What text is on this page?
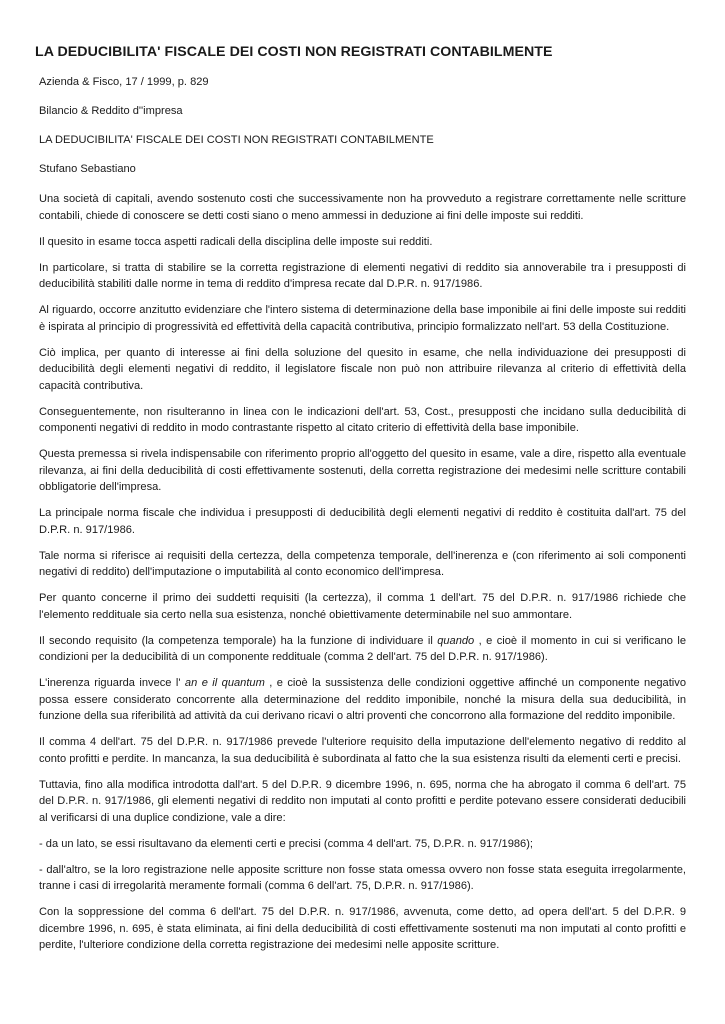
LA DEDUCIBILITA' FISCALE DEI COSTI NON REGISTRATI CONTABILMENTE

Azienda & Fisco, 17 / 1999, p. 829

Bilancio & Reddito d''impresa

LA DEDUCIBILITA' FISCALE DEI COSTI NON REGISTRATI CONTABILMENTE

Stufano Sebastiano

Una società di capitali, avendo sostenuto costi che successivamente non ha provveduto a registrare correttamente nelle scritture contabili, chiede di conoscere se detti costi siano o meno ammessi in deduzione ai fini delle imposte sui redditi.

Il quesito in esame tocca aspetti radicali della disciplina delle imposte sui redditi.

In particolare, si tratta di stabilire se la corretta registrazione di elementi negativi di reddito sia annoverabile tra i presupposti di deducibilità stabiliti dalle norme in tema di reddito d'impresa recate dal D.P.R. n. 917/1986.

Al riguardo, occorre anzitutto evidenziare che l'intero sistema di determinazione della base imponibile ai fini delle imposte sui redditi è ispirata al principio di progressività ed effettività della capacità contributiva, principio formalizzato nell'art. 53 della Costituzione.

Ciò implica, per quanto di interesse ai fini della soluzione del quesito in esame, che nella individuazione dei presupposti di deducibilità degli elementi negativi di reddito, il legislatore fiscale non può non attribuire rilevanza al criterio di effettività della capacità contributiva.

Conseguentemente, non risulteranno in linea con le indicazioni dell'art. 53, Cost., presupposti che incidano sulla deducibilità di componenti negativi di reddito in modo contrastante rispetto al citato criterio di effettività della base imponibile.

Questa premessa si rivela indispensabile con riferimento proprio all'oggetto del quesito in esame, vale a dire, rispetto alla eventuale rilevanza, ai fini della deducibilità di costi effettivamente sostenuti, della corretta registrazione dei medesimi nelle scritture contabili obbligatorie dell'impresa.

La principale norma fiscale che individua i presupposti di deducibilità degli elementi negativi di reddito è costituita dall'art. 75 del D.P.R. n. 917/1986.

Tale norma si riferisce ai requisiti della certezza, della competenza temporale, dell'inerenza e (con riferimento ai soli componenti negativi di reddito) dell'imputazione o imputabilità al conto economico dell'impresa.

Per quanto concerne il primo dei suddetti requisiti (la certezza), il comma 1 dell'art. 75 del D.P.R. n. 917/1986 richiede che l'elemento reddituale sia certo nella sua esistenza, nonché obiettivamente determinabile nel suo ammontare.

Il secondo requisito (la competenza temporale) ha la funzione di individuare il quando , e cioè il momento in cui si verificano le condizioni per la deducibilità di un componente reddituale (comma 2 dell'art. 75 del D.P.R. n. 917/1986).

L'inerenza riguarda invece l' an e il quantum , e cioè la sussistenza delle condizioni oggettive affinché un componente negativo possa essere considerato concorrente alla determinazione del reddito imponibile, nonché la misura della sua deducibilità, in funzione della sua riferibilità ad attività da cui derivano ricavi o altri proventi che concorrono alla formazione del reddito imponibile.

Il comma 4 dell'art. 75 del D.P.R. n. 917/1986 prevede l'ulteriore requisito della imputazione dell'elemento negativo di reddito al conto profitti e perdite. In mancanza, la sua deducibilità è subordinata al fatto che la sua esistenza risulti da elementi certi e precisi.

Tuttavia, fino alla modifica introdotta dall'art. 5 del D.P.R. 9 dicembre 1996, n. 695, norma che ha abrogato il comma 6 dell'art. 75 del D.P.R. n. 917/1986, gli elementi negativi di reddito non imputati al conto profitti e perdite potevano essere considerati deducibili al verificarsi di una duplice condizione, vale a dire:

- da un lato, se essi risultavano da elementi certi e precisi (comma 4 dell'art. 75, D.P.R. n. 917/1986);

- dall'altro, se la loro registrazione nelle apposite scritture non fosse stata omessa ovvero non fosse stata eseguita irregolarmente, tranne i casi di irregolarità meramente formali (comma 6 dell'art. 75, D.P.R. n. 917/1986).

Con la soppressione del comma 6 dell'art. 75 del D.P.R. n. 917/1986, avvenuta, come detto, ad opera dell'art. 5 del D.P.R. 9 dicembre 1996, n. 695, è stata eliminata, ai fini della deducibilità di costi effettivamente sostenuti ma non imputati al conto profitti e perdite, l'ulteriore condizione della corretta registrazione dei medesimi nelle apposite scritture.
